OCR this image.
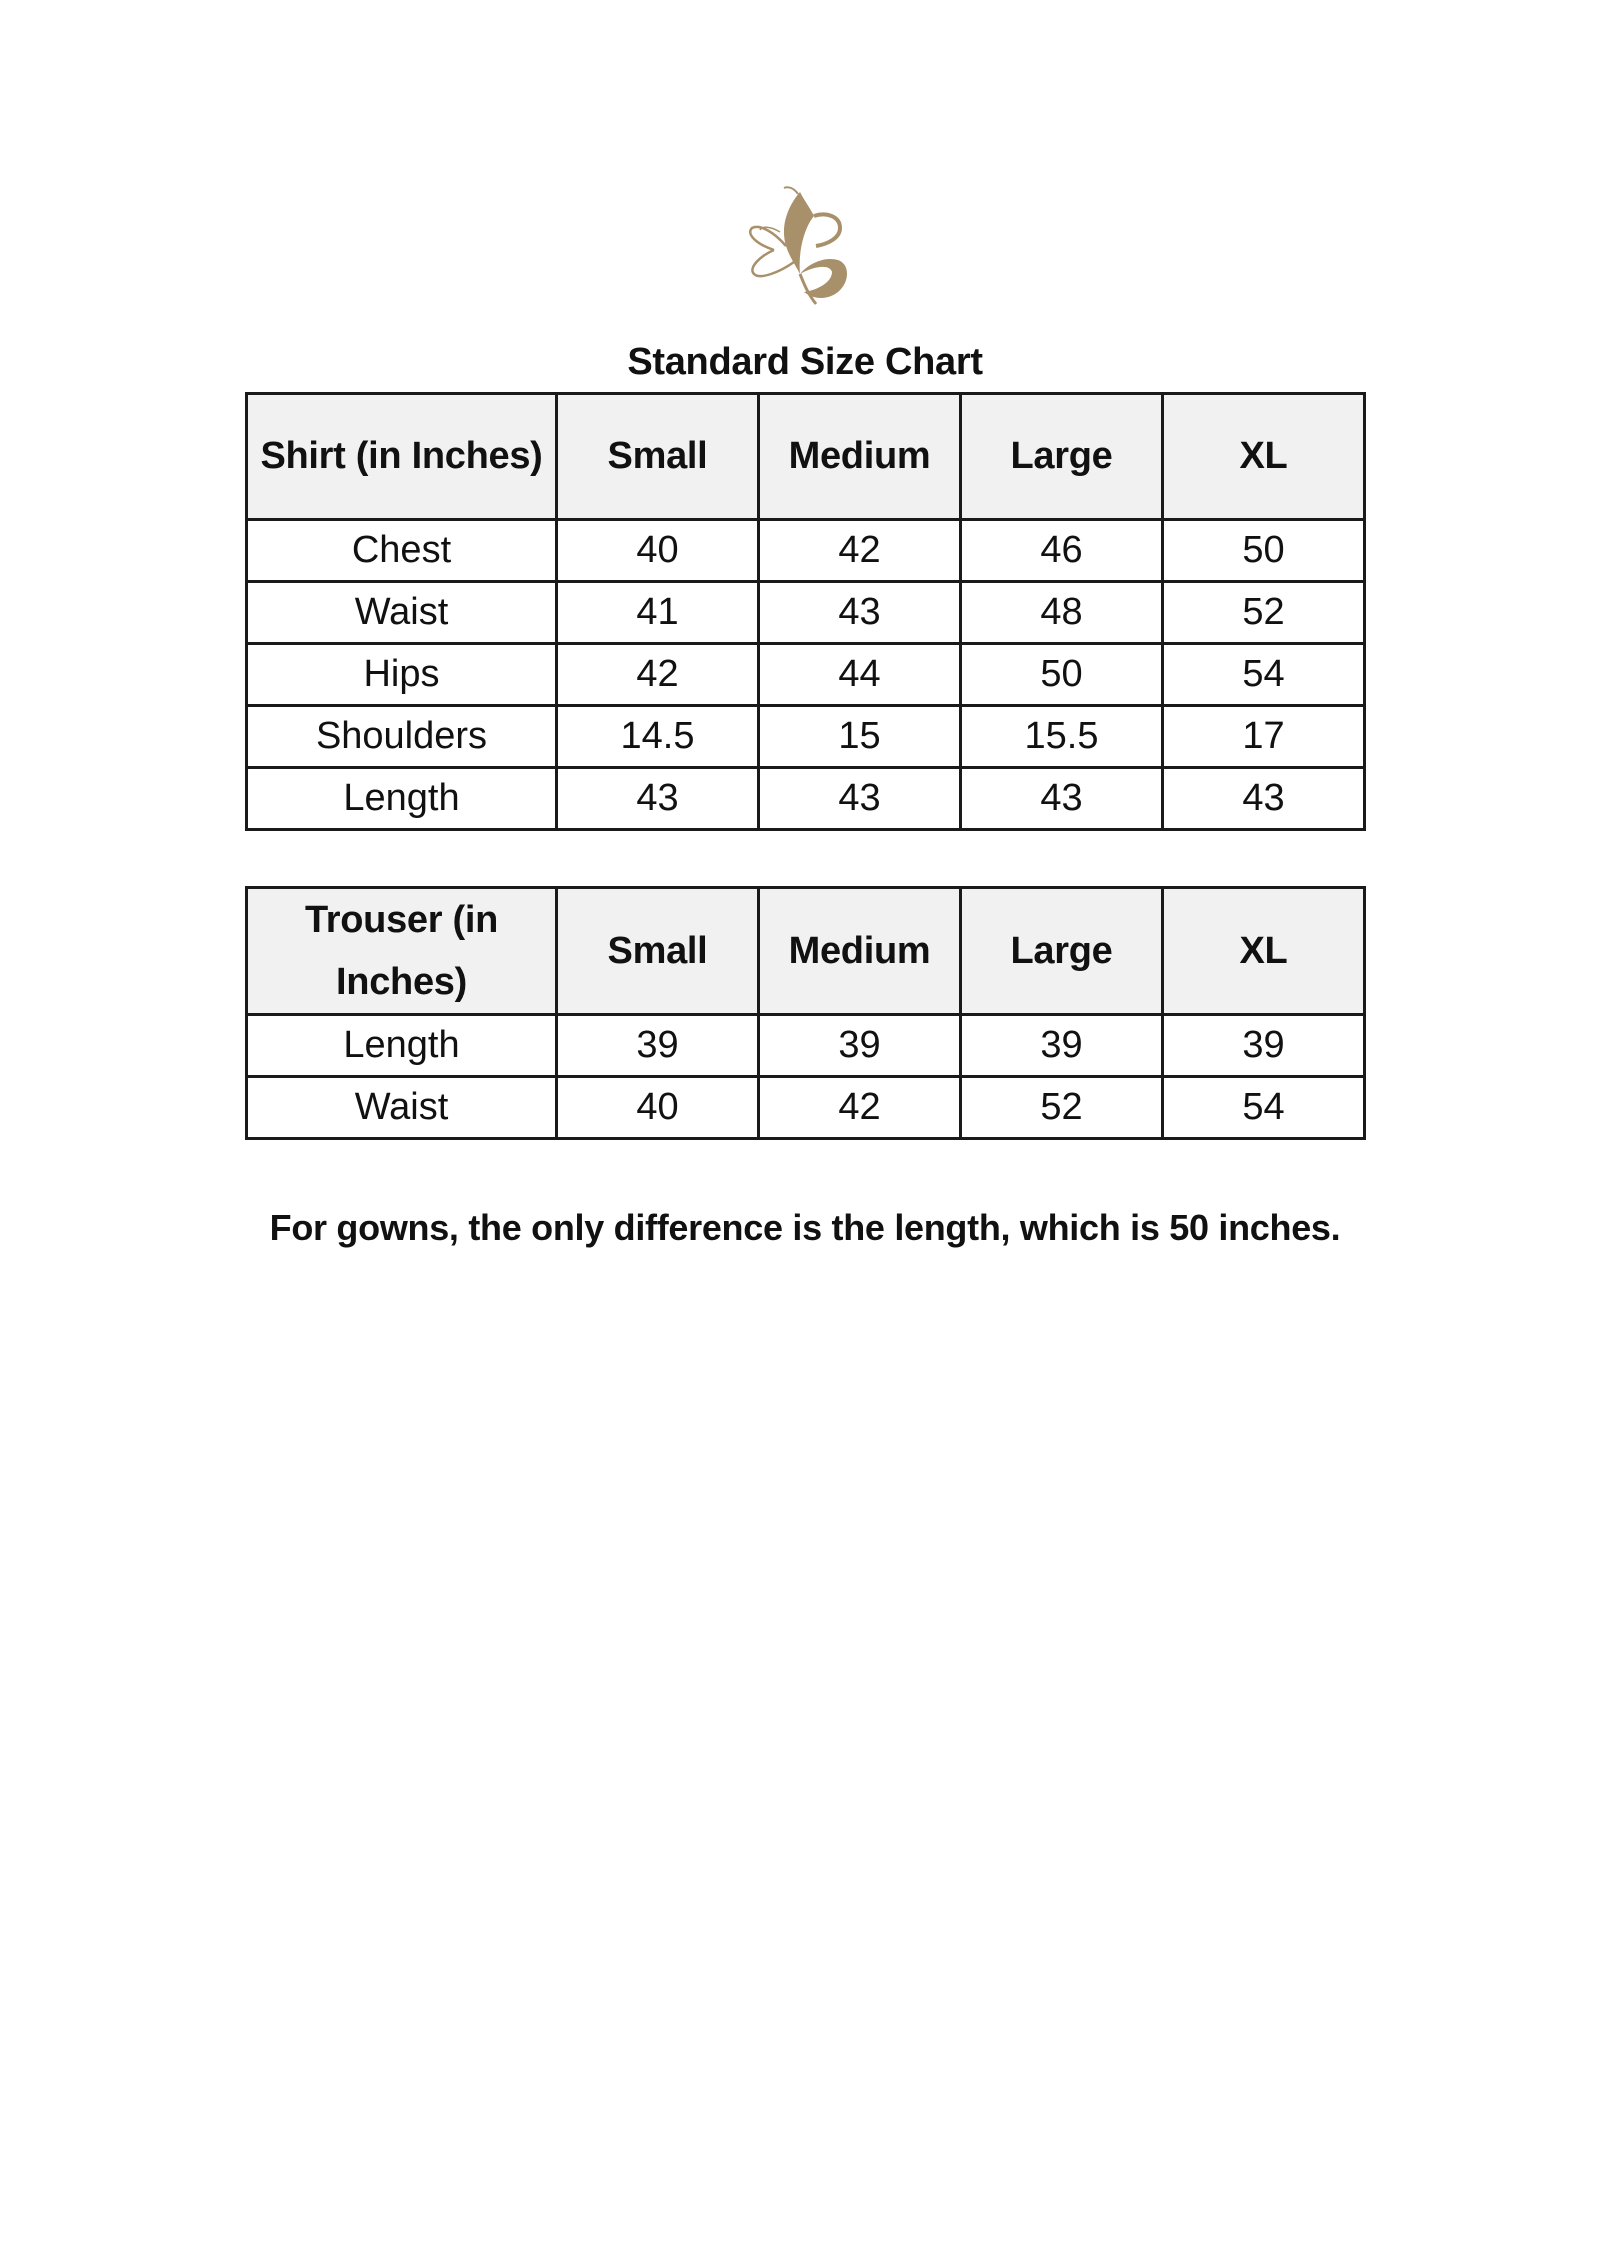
Standard Size Chart
Shirt (in Inches)	Small	Medium	Large	XL
Chest	40	42	46	50
Waist	41	43	48	52
Hips	42	44	50	54
Shoulders	14.5	15	15.5	17
Length	43	43	43	43
Trouser (in Inches)	Small	Medium	Large	XL
Length	39	39	39	39
Waist	40	42	52	54
For gowns, the only difference is the length, which is 50 inches.
